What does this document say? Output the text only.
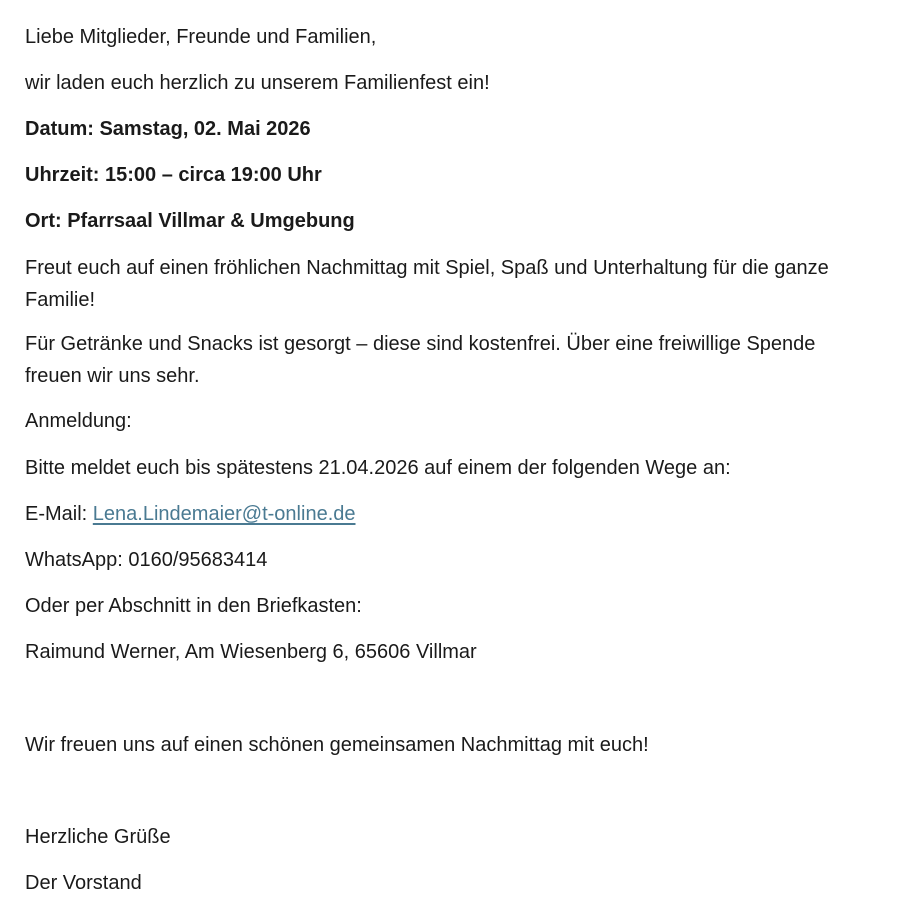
Liebe Mitglieder, Freunde und Familien,

wir laden euch herzlich zu unserem Familienfest ein!

Datum: Samstag, 02. Mai 2026

Uhrzeit: 15:00 – circa 19:00 Uhr

Ort: Pfarrsaal Villmar & Umgebung

Freut euch auf einen fröhlichen Nachmittag mit Spiel, Spaß und Unterhaltung für die ganze Familie!

Für Getränke und Snacks ist gesorgt – diese sind kostenfrei. Über eine freiwillige Spende freuen wir uns sehr.

Anmeldung:

Bitte meldet euch bis spätestens 21.04.2026 auf einem der folgenden Wege an:

E-Mail: Lena.Lindemaier@t-online.de

WhatsApp: 0160/95683414

Oder per Abschnitt in den Briefkasten:

Raimund Werner, Am Wiesenberg 6, 65606 Villmar

Wir freuen uns auf einen schönen gemeinsamen Nachmittag mit euch!

Herzliche Grüße

Der Vorstand
